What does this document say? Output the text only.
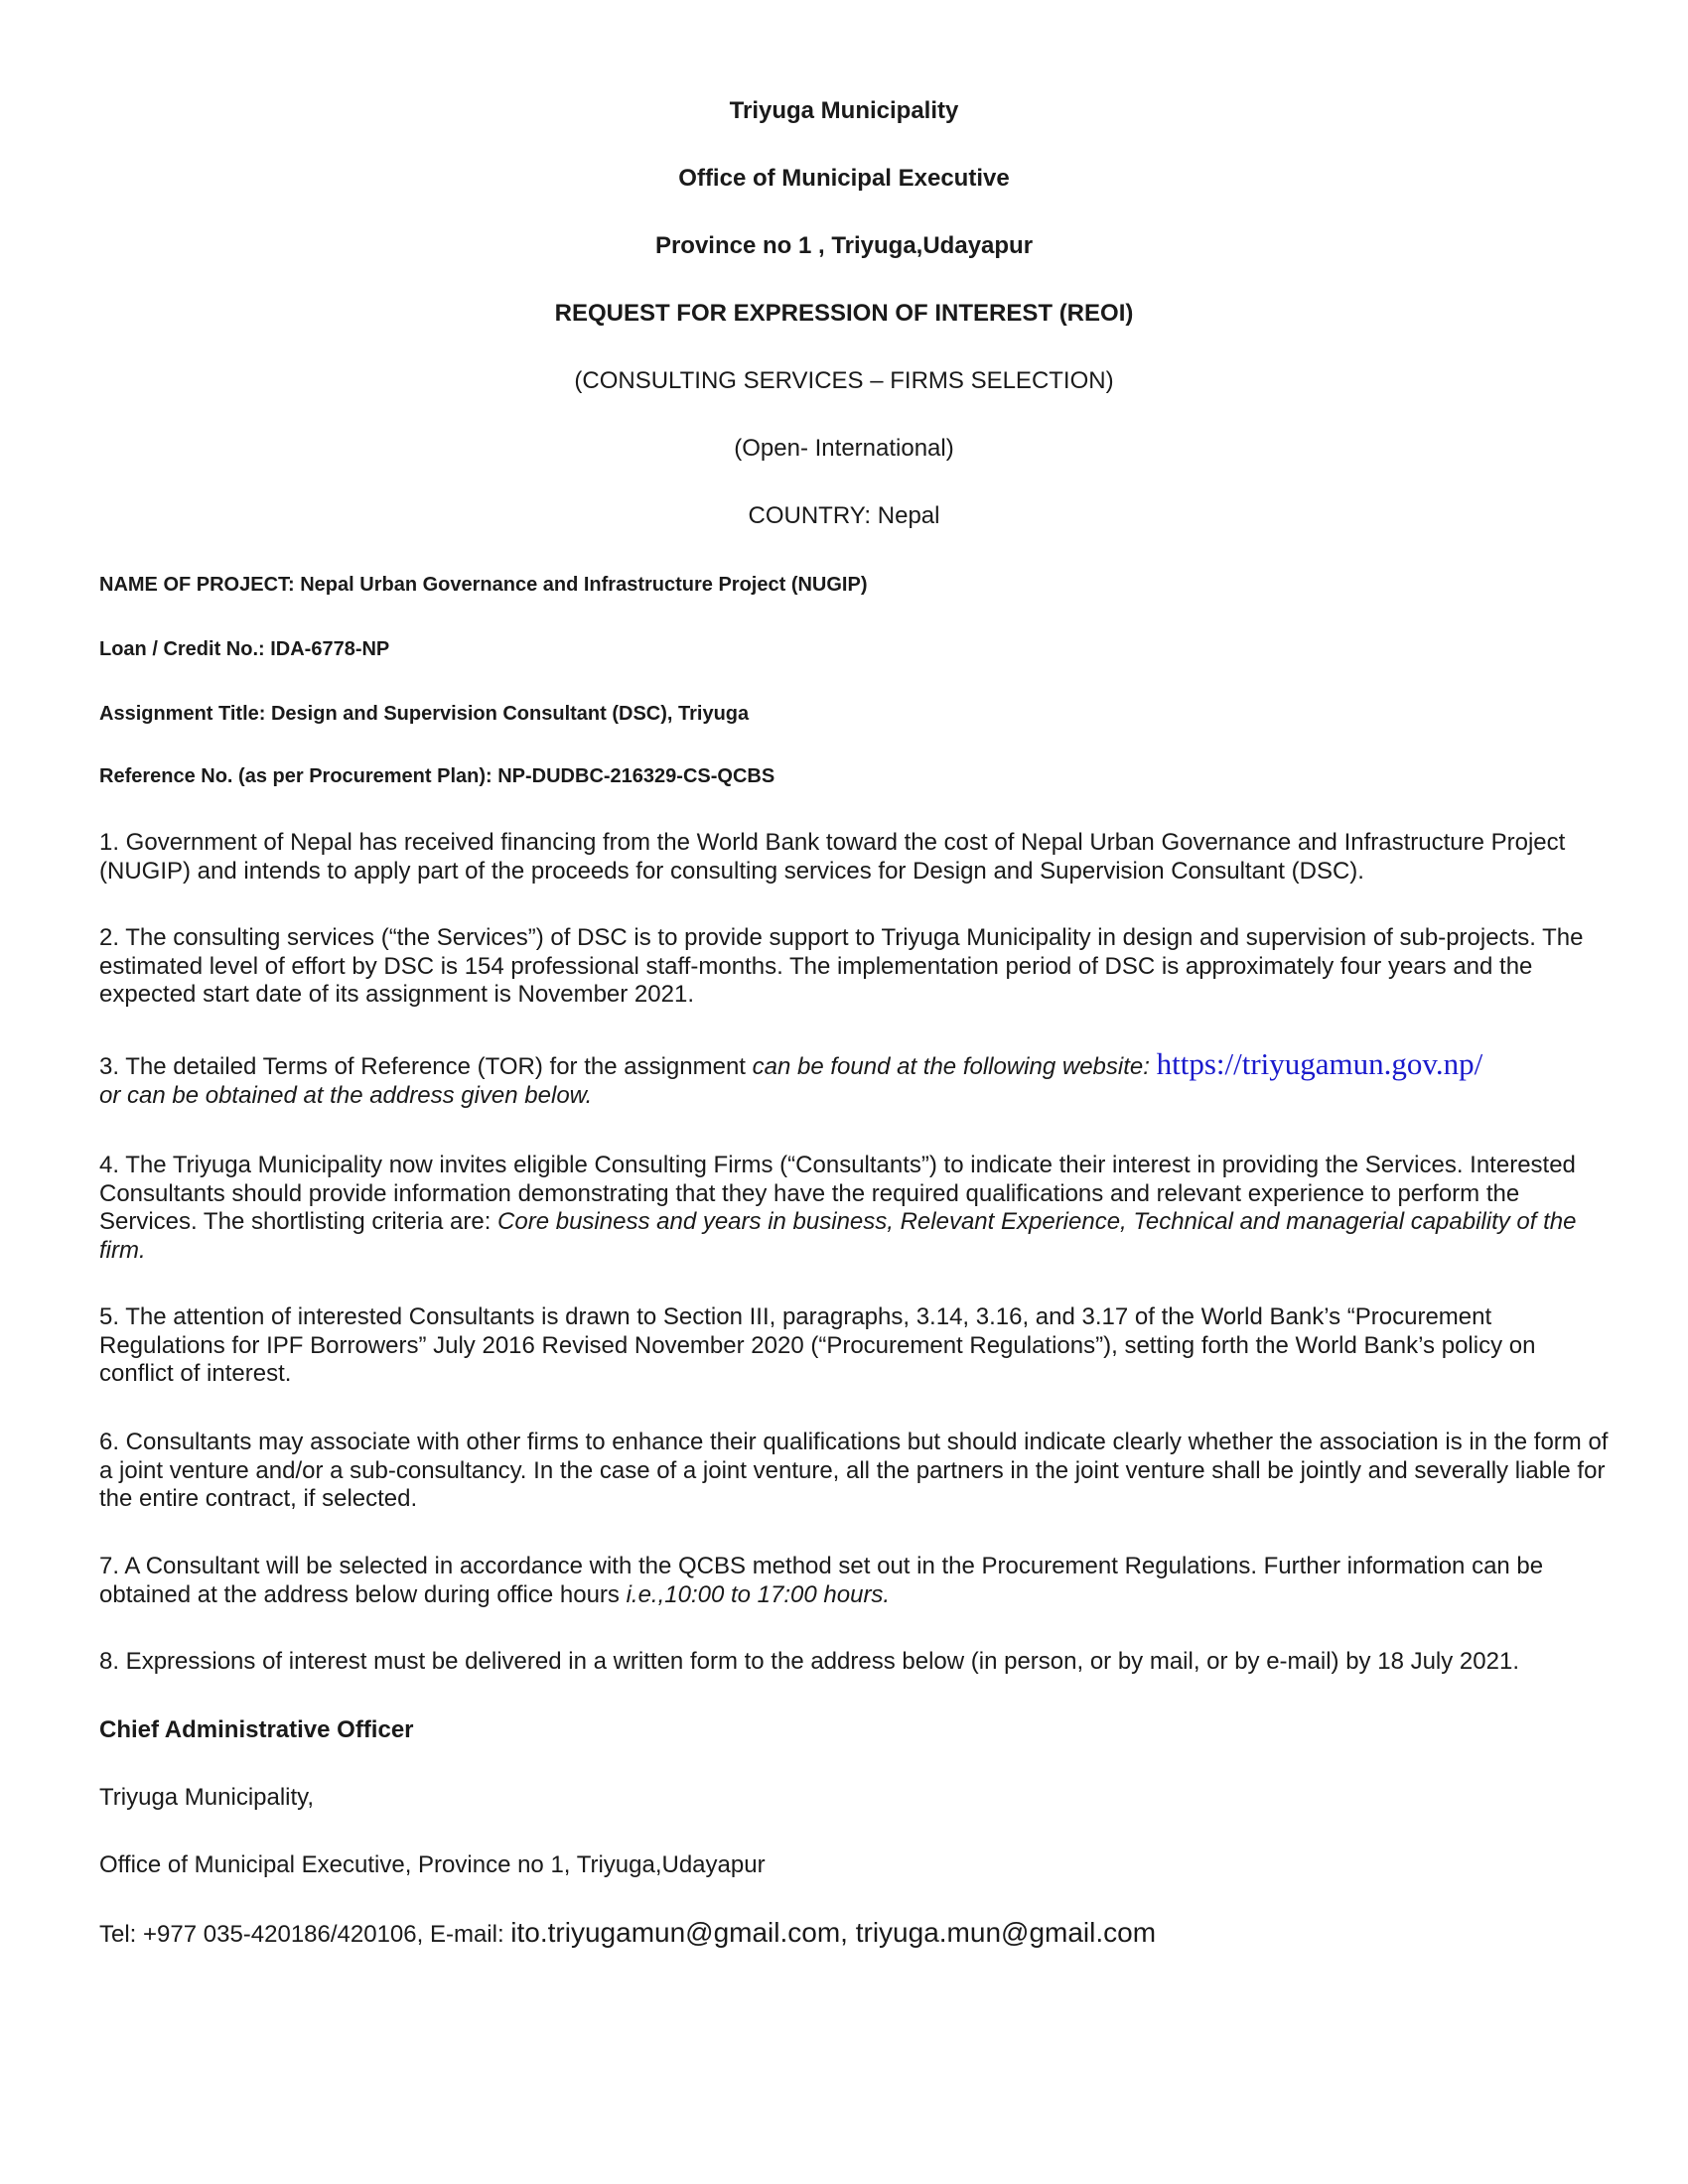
Triyuga Municipality
Office of Municipal Executive
Province no 1 , Triyuga,Udayapur
REQUEST FOR EXPRESSION OF INTEREST (REOI)
(CONSULTING SERVICES – FIRMS SELECTION)
(Open- International)
COUNTRY: Nepal
NAME OF PROJECT: Nepal Urban Governance and Infrastructure Project (NUGIP)
Loan / Credit No.: IDA-6778-NP
Assignment Title: Design and Supervision Consultant (DSC), Triyuga
Reference No. (as per Procurement Plan): NP-DUDBC-216329-CS-QCBS
1. Government of Nepal has received financing from the World Bank toward the cost of Nepal Urban Governance and Infrastructure Project (NUGIP) and intends to apply part of the proceeds for consulting services for Design and Supervision Consultant (DSC).
2. The consulting services (“the Services”) of DSC is to provide support to Triyuga Municipality in design and supervision of sub-projects. The estimated level of effort by DSC is 154 professional staff-months. The implementation period of DSC is approximately four years and the expected start date of its assignment is November 2021.
3. The detailed Terms of Reference (TOR) for the assignment can be found at the following website: https://triyugamun.gov.np/
or can be obtained at the address given below.
4. The Triyuga Municipality now invites eligible Consulting Firms (“Consultants”) to indicate their interest in providing the Services. Interested Consultants should provide information demonstrating that they have the required qualifications and relevant experience to perform the Services. The shortlisting criteria are: Core business and years in business, Relevant Experience, Technical and managerial capability of the firm.
5. The attention of interested Consultants is drawn to Section III, paragraphs, 3.14, 3.16, and 3.17 of the World Bank’s “Procurement Regulations for IPF Borrowers” July 2016 Revised November 2020 (“Procurement Regulations”), setting forth the World Bank’s policy on conflict of interest.
6. Consultants may associate with other firms to enhance their qualifications but should indicate clearly whether the association is in the form of a joint venture and/or a sub-consultancy. In the case of a joint venture, all the partners in the joint venture shall be jointly and severally liable for the entire contract, if selected.
7. A Consultant will be selected in accordance with the QCBS method set out in the Procurement Regulations. Further information can be obtained at the address below during office hours i.e.,10:00 to 17:00 hours.
8. Expressions of interest must be delivered in a written form to the address below (in person, or by mail, or by e-mail) by 18 July 2021.
Chief Administrative Officer
Triyuga Municipality,
Office of Municipal Executive, Province no 1, Triyuga,Udayapur
Tel: +977 035-420186/420106, E-mail: ito.triyugamun@gmail.com, triyuga.mun@gmail.com
